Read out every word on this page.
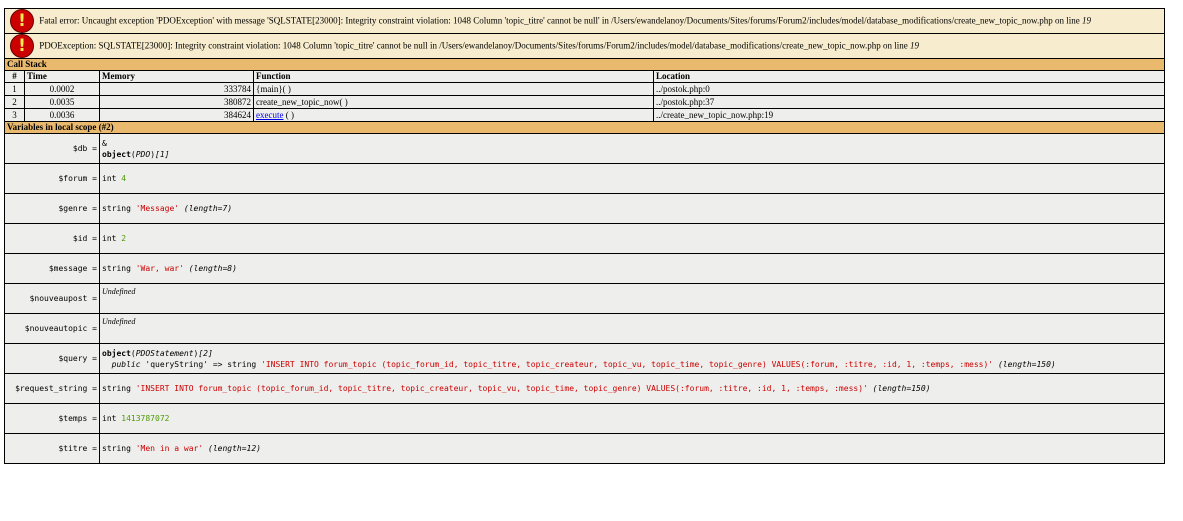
! Fatal error: Uncaught exception 'PDOException' with message 'SQLSTATE[23000]: Integrity constraint violation: 1048 Column 'topic_titre' cannot be null' in /Users/ewandelanoy/Documents/Sites/forums/Forum2/includes/model/database_modifications/create_new_topic_now.php on line 19				

! PDOException: SQLSTATE[23000]: Integrity constraint violation: 1048 Column 'topic_titre' cannot be null in /Users/ewandelanoy/Documents/Sites/forums/Forum2/includes/model/database_modifications/create_new_topic_now.php on line 19				
Call Stack				
#	Time	Memory	Function	Location
1	0.0002	333784	{main}( )	../postok.php:0
2	0.0035	380872	create_new_topic_now( )	../postok.php:37
3	0.0036	384624	execute ( )	../create_new_topic_now.php:19
Variables in local scope (#2)				
$db =		&
object(PDO)[1]		
$forum =		int 4		
$genre =		string 'Message' (length=7)		
$id =		int 2		
$message =		string 'War, war' (length=8)		
$nouveaupost =		Undefined		
$nouveautopic =		Undefined		
$query =		object(PDOStatement)[2]
public 'queryString' => string 'INSERT INTO forum_topic (topic_forum_id, topic_titre, topic_createur, topic_vu, topic_time, topic_genre) VALUES(:forum, :titre, :id, 1, :temps, :mess)' (length=150)		
$request_string =		string 'INSERT INTO forum_topic (topic_forum_id, topic_titre, topic_createur, topic_vu, topic_time, topic_genre) VALUES(:forum, :titre, :id, 1, :temps, :mess)' (length=150)		
$temps =		int 1413787072		
$titre =		string 'Men in a war' (length=12)		
